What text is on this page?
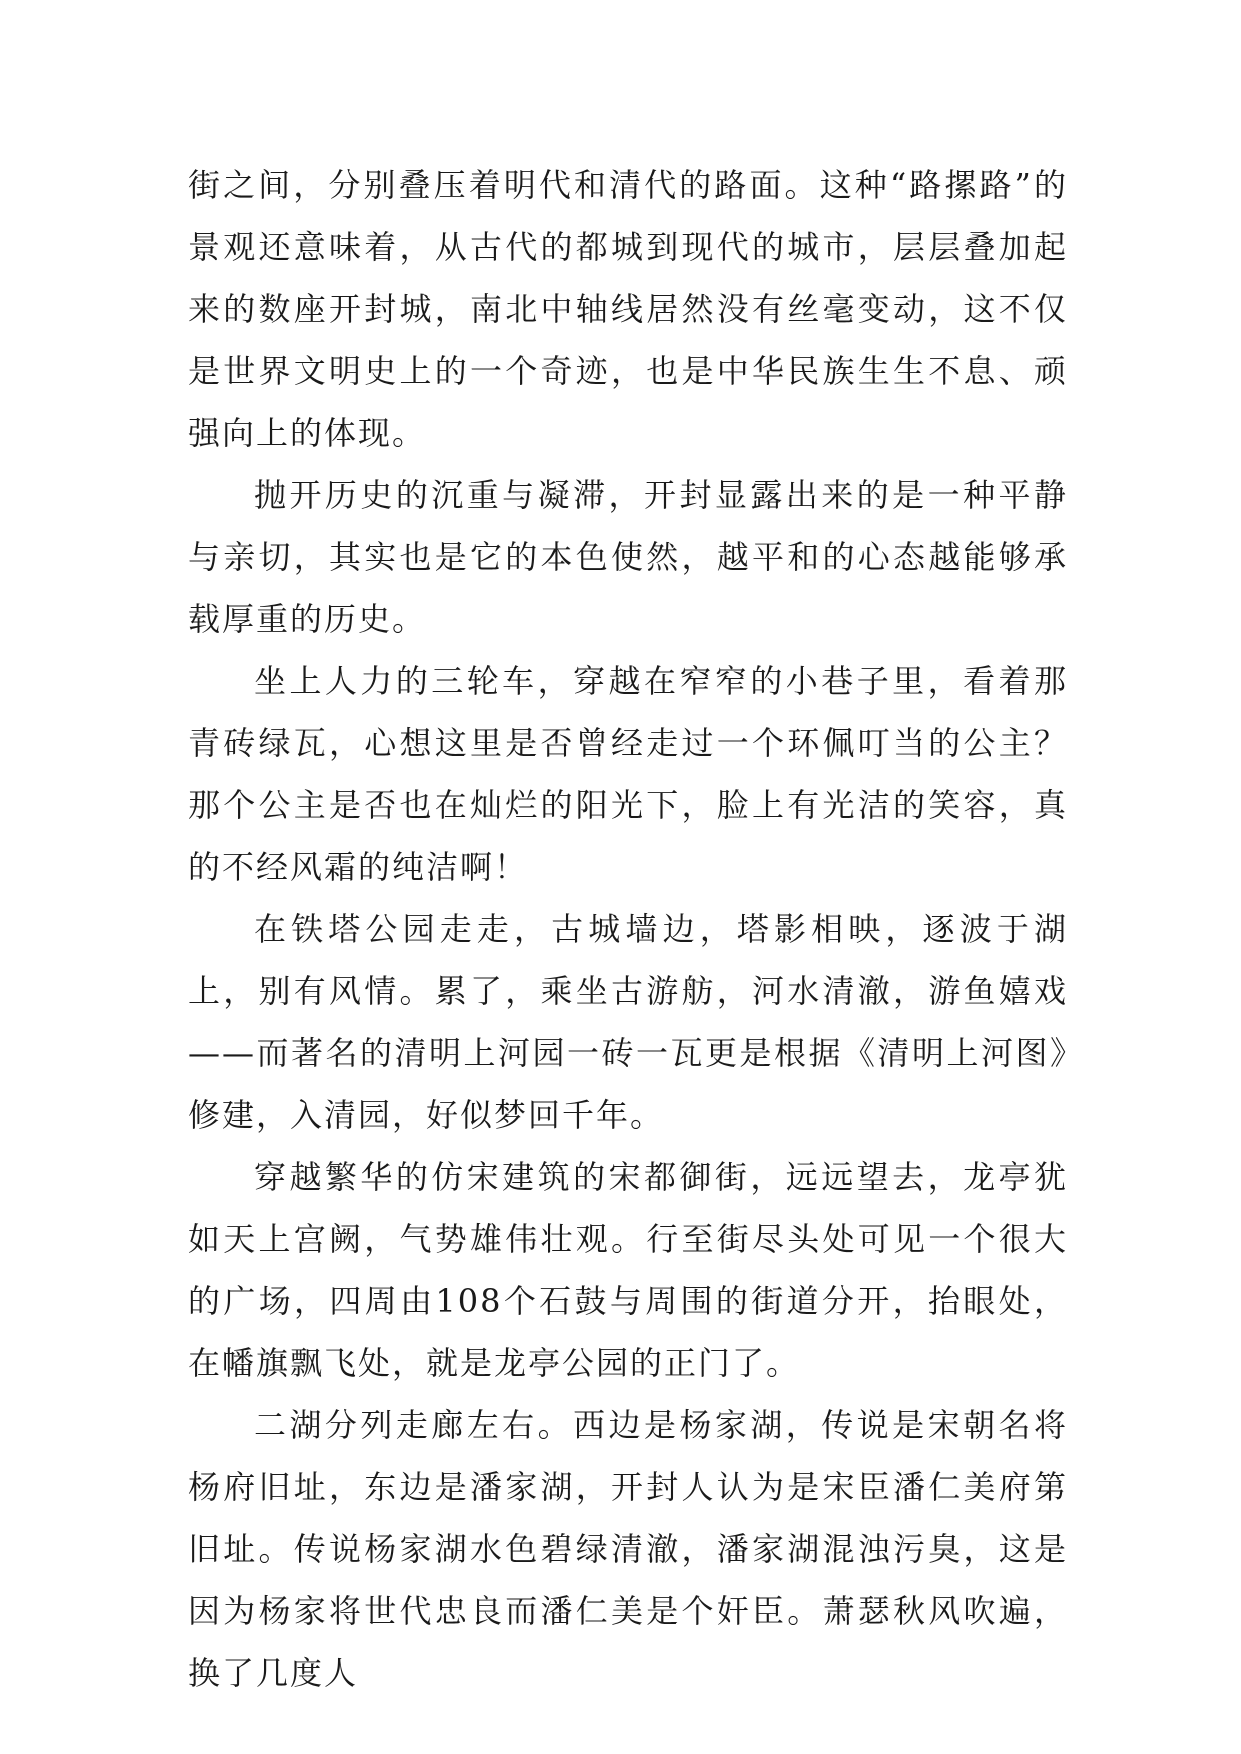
街之间，分别叠压着明代和清代的路面。这种“路摞路”的景观还意味着，从古代的都城到现代的城市，层层叠加起来的数座开封城，南北中轴线居然没有丝毫变动，这不仅是世界文明史上的一个奇迹，也是中华民族生生不息、顽强向上的体现。

抛开历史的沉重与凝滞，开封显露出来的是一种平静与亲切，其实也是它的本色使然，越平和的心态越能够承载厚重的历史。

坐上人力的三轮车，穿越在窄窄的小巷子里，看着那青砖绿瓦，心想这里是否曾经走过一个环佩叮当的公主？那个公主是否也在灿烂的阳光下，脸上有光洁的笑容，真的不经风霜的纯洁啊！

在铁塔公园走走，古城墙边，塔影相映，逐波于湖上，别有风情。累了，乘坐古游舫，河水清澈，游鱼嬉戏——而著名的清明上河园一砖一瓦更是根据《清明上河图》修建，入清园，好似梦回千年。

穿越繁华的仿宋建筑的宋都御街，远远望去，龙亭犹如天上宫阙，气势雄伟壮观。行至街尽头处可见一个很大的广场，四周由108个石鼓与周围的街道分开，抬眼处，在幡旗飘飞处，就是龙亭公园的正门了。

二湖分列走廊左右。西边是杨家湖，传说是宋朝名将杨府旧址，东边是潘家湖，开封人认为是宋臣潘仁美府第旧址。传说杨家湖水色碧绿清澈，潘家湖混浊污臭，这是因为杨家将世代忠良而潘仁美是个奸臣。萧瑟秋风吹遍，换了几度人
